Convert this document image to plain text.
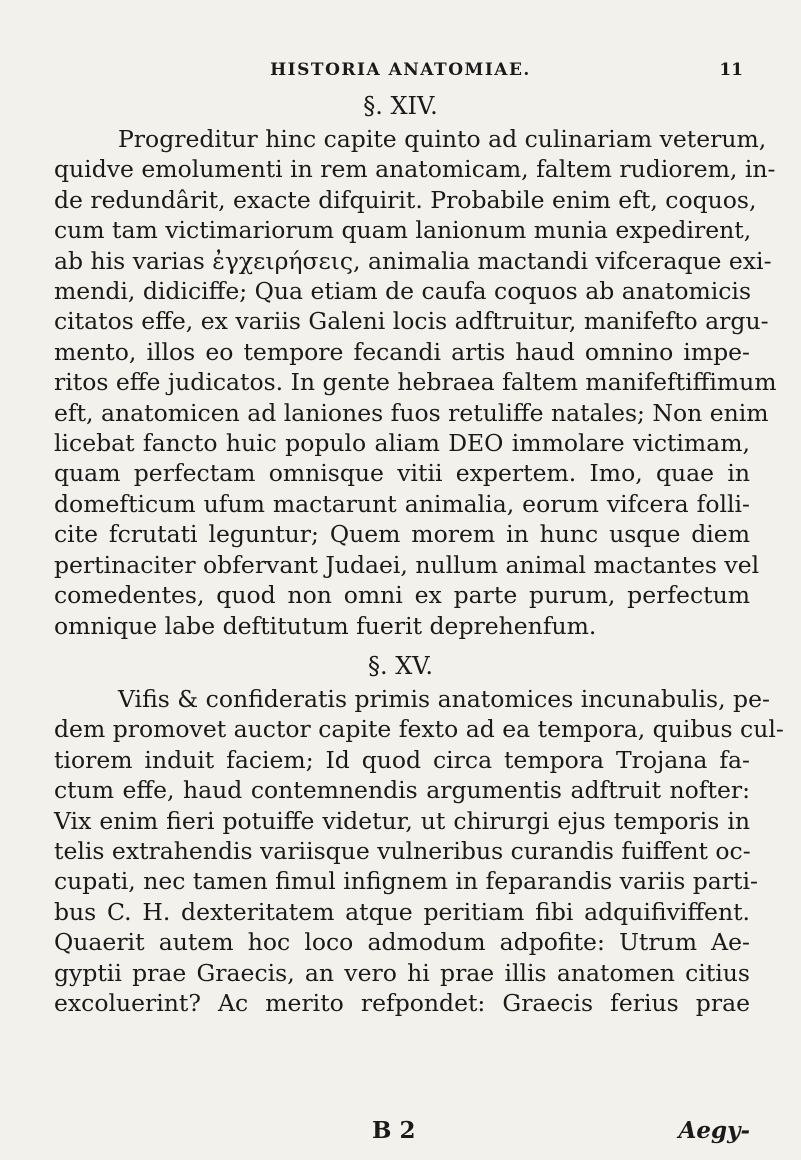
HISTORIA ANATOMIAE.	11
§. XIV.
Progreditur hinc capite quinto ad culinariam veterum,
quidve emolumenti in rem anatomicam, faltem rudiorem, in-
de redundârit, exacte difquirit. Probabile enim eft, coquos,
cum tam victimariorum quam lanionum munia expedirent,
ab his varias ἐγχειρήσεις, animalia mactandi vifceraque exi-
mendi, didiciffe; Qua etiam de caufa coquos ab anatomicis
citatos effe, ex variis Galeni locis adftruitur, manifefto argu-
mento, illos eo tempore fecandi artis haud omnino impe-
ritos effe judicatos. In gente hebraea faltem manifeftiffimum
eft, anatomicen ad laniones fuos retuliffe natales; Non enim
licebat fancto huic populo aliam DEO immolare victimam,
quam perfectam omnisque vitii expertem. Imo, quae in
domefticum ufum mactarunt animalia, eorum vifcera folli-
cite fcrutati leguntur; Quem morem in hunc usque diem
pertinaciter obfervant Judaei, nullum animal mactantes vel
comedentes, quod non omni ex parte purum, perfectum
omnique labe deftitutum fuerit deprehenfum.
§. XV.
Vifis & confideratis primis anatomices incunabulis, pe-
dem promovet auctor capite fexto ad ea tempora, quibus cul-
tiorem induit faciem; Id quod circa tempora Trojana fa-
ctum effe, haud contemnendis argumentis adftruit nofter:
Vix enim fieri potuiffe videtur, ut chirurgi ejus temporis in
telis extrahendis variisque vulneribus curandis fuiffent oc-
cupati, nec tamen fimul infignem in feparandis variis parti-
bus C. H. dexteritatem atque peritiam fibi adquifiviffent.
Quaerit autem hoc loco admodum adpofite: Utrum Ae-
gyptii prae Graecis, an vero hi prae illis anatomen citius
excoluerint? Ac merito refpondet: Graecis ferius prae
B 2	Aegy-
